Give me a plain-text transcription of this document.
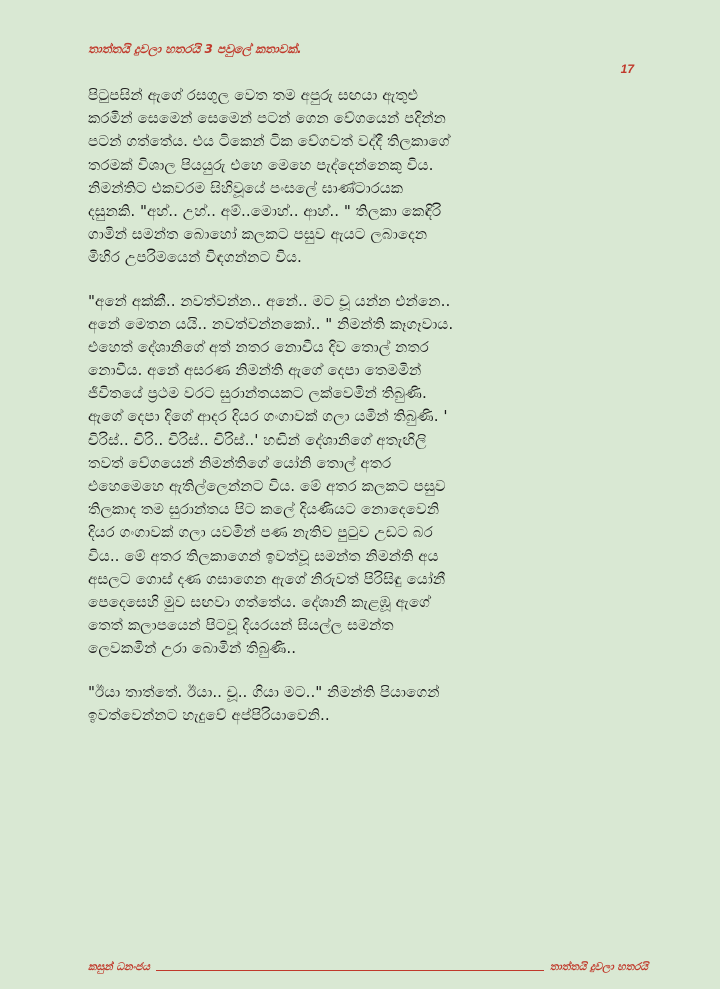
තාත්තයි දුවලා හතරයි 3 පවුලේ කතාවක්.
17
පිටුපසින් ඇගේ රසගුල වෙත තම අපුරු සඟයා ඇතුළු
කරමින් සෙමෙන් සෙමෙන් පටන් ගෙන වේගයෙන් පදින්න
පටන් ගත්තේය. එය ටිකෙන් ටික වේගවත් වද්දී තිලකාගේ
තරමක් විශාල පියයුරු එහෙ මෙහෙ පැද්දෙන්නෙකු විය.
නිමන්තිට එකවරම සිහිවූයේ පංසලේ ඝාණ්ටාරයක
දසුනකි. "අහ්.. උහ්.. අම්..මොහ්.. ආහ්.. " තිලකා කෙඳිරි
ගාමින් සමන්ත බොහෝ කලකට පසුව ඇයට ලබාදෙන
මිහිර උපරිමයෙන් විඳගන්නට විය.
"අනේ අක්කී.. නවත්වන්න.. අනේ.. මට චූ යන්න එන්නෙ..
අනේ මෙතන යයි.. නවත්වන්නකෝ.. " නිමන්ති කෑගෑවාය.
එහෙත් දේශානිගේ අත් නතර නොවීය දිව තොල් නතර
නොවීය. අනේ අසරණ නිමන්ති ඇගේ දෙපා තෙමමින්
ජීවිතයේ ප්‍රථම වරට සුරාන්තයකට ලක්වෙමින් තිබුණි.
ඇගේ දෙපා දිගේ ආදර දියර ගංගාවක් ගලා යමින් තිබුණි. '
චිරිස්.. චිරි.. චිරිස්.. චිරිස්..' හඬින් දේශානිගේ අතැඟිලි
තවත් වේගයෙන් නිමන්තිගේ යෝනි තොල් අතර
එහෙමෙහෙ ඇතිල්ලෙන්නට විය. මේ අතර කලකට පසුව
තිලකාද තම සුරාන්තය පිට කලේ දියණියට නොදෙවෙනි
දියර ගංගාවක් ගලා යවමින් පණ නැතිව පුටුව උඩට බර
විය.. මේ අතර තිලකාගෙන් ඉවත්වූ සමන්ත නිමන්ති අය
අසලට ගොස් දණ ගසාගෙන ඇගේ නිරුවත් පිරිසිඳු යෝනී
පෙදෙසෙහි මුව සඟවා ගත්තේය. දේශානි කැළඹූ ඇගේ
තෙත් කලාපයෙන් පිටවූ දියරයන් සියල්ල සමන්ත
ලෙවකමින් උරා බොමින් තිබුණි..
"ඊයා තාත්තේ. ඊයා.. චූ.. ගියා මට.." නිමන්ති පියාගෙන්
ඉවත්වෙන්නට හැදුවේ අප්පිරියාවෙනි..
කසුන් ධනංජය	තාත්තයි දුවලා හතරයි
